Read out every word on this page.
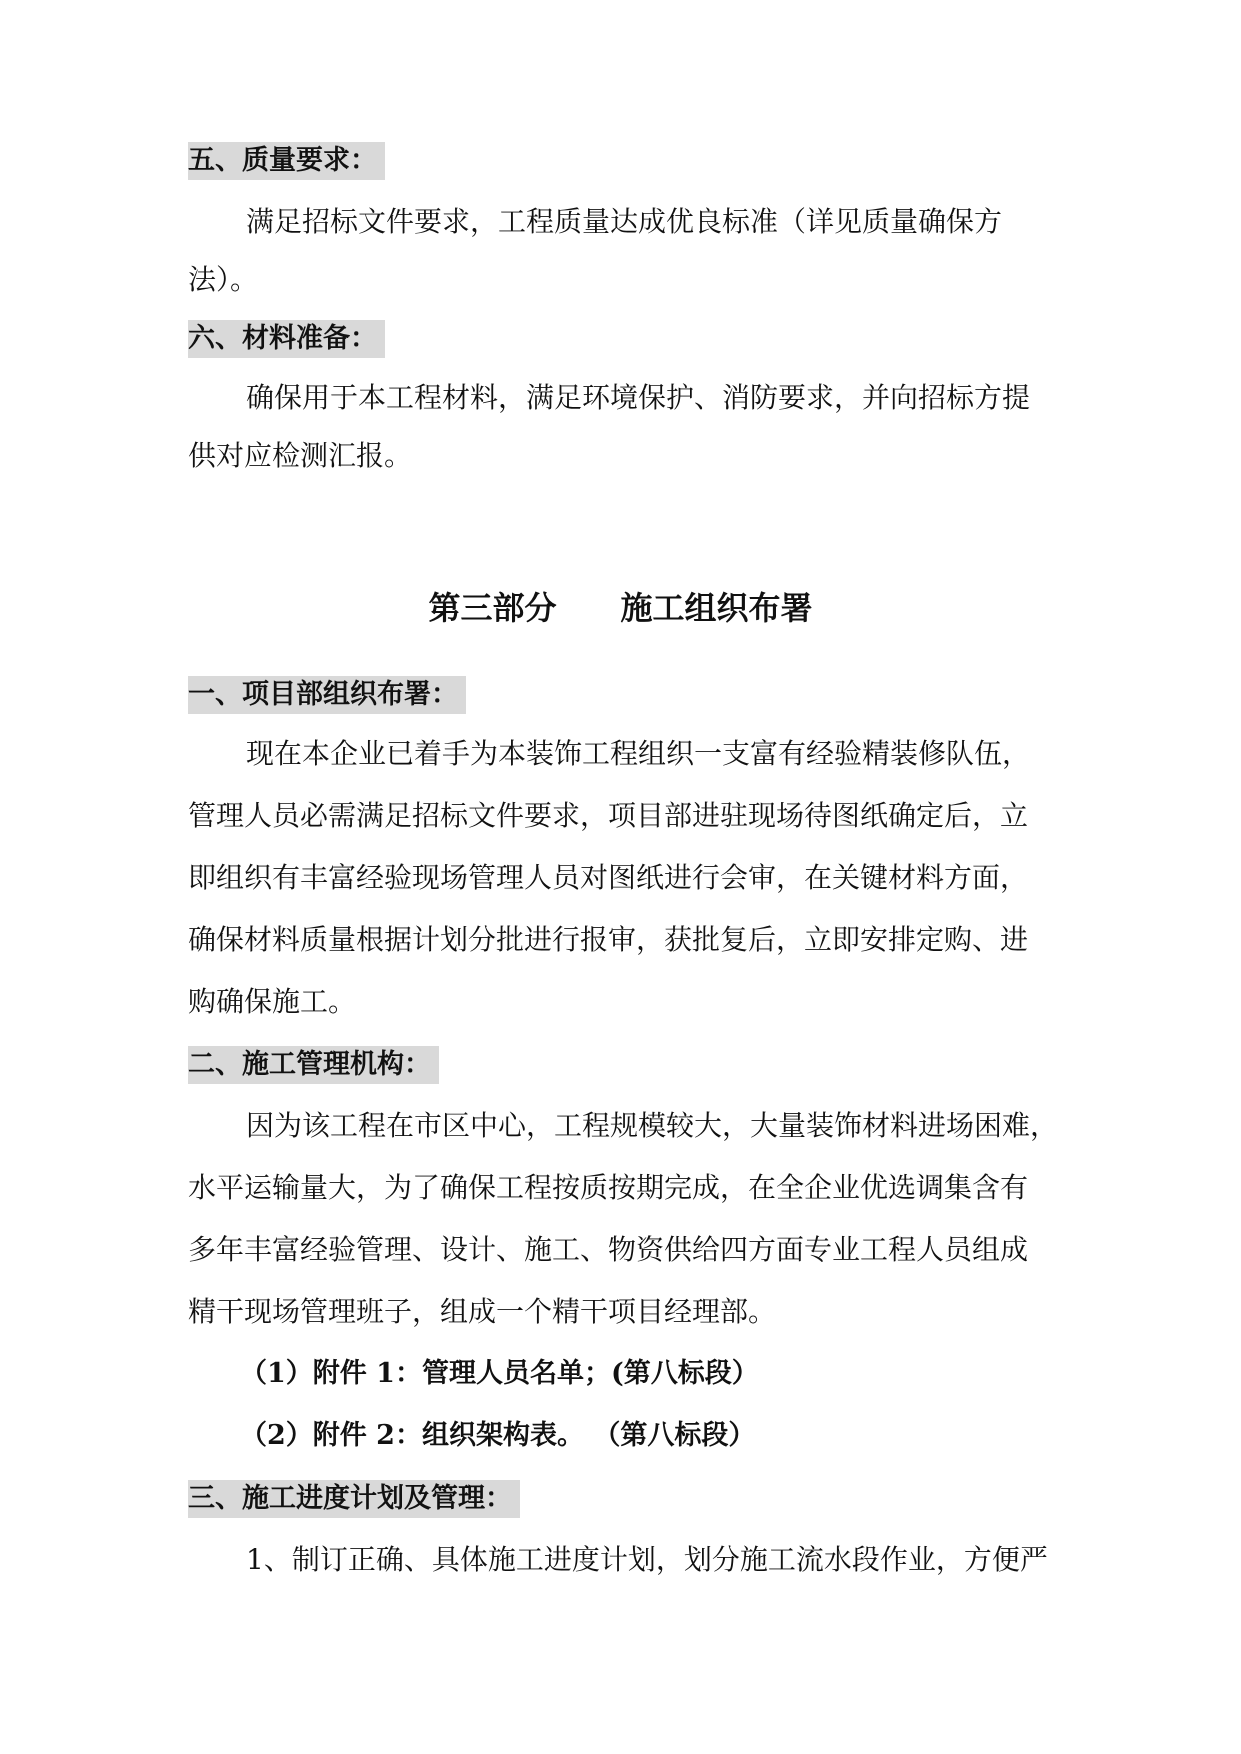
五、质量要求：
满足招标文件要求，工程质量达成优良标准（详见质量确保方
法）。
六、材料准备：
确保用于本工程材料，满足环境保护、消防要求，并向招标方提
供对应检测汇报。
第三部分　　施工组织布署
一、项目部组织布署：
现在本企业已着手为本装饰工程组织一支富有经验精装修队伍，
管理人员必需满足招标文件要求，项目部进驻现场待图纸确定后，立
即组织有丰富经验现场管理人员对图纸进行会审，在关键材料方面，
确保材料质量根据计划分批进行报审，获批复后，立即安排定购、进
购确保施工。
二、施工管理机构：
因为该工程在市区中心，工程规模较大，大量装饰材料进场困难，
水平运输量大，为了确保工程按质按期完成，在全企业优选调集含有
多年丰富经验管理、设计、施工、物资供给四方面专业工程人员组成
精干现场管理班子，组成一个精干项目经理部。
（1）附件 1：管理人员名单；(第八标段）
（2）附件 2：组织架构表。 （第八标段）
三、施工进度计划及管理：
1、制订正确、具体施工进度计划，划分施工流水段作业，方便严
